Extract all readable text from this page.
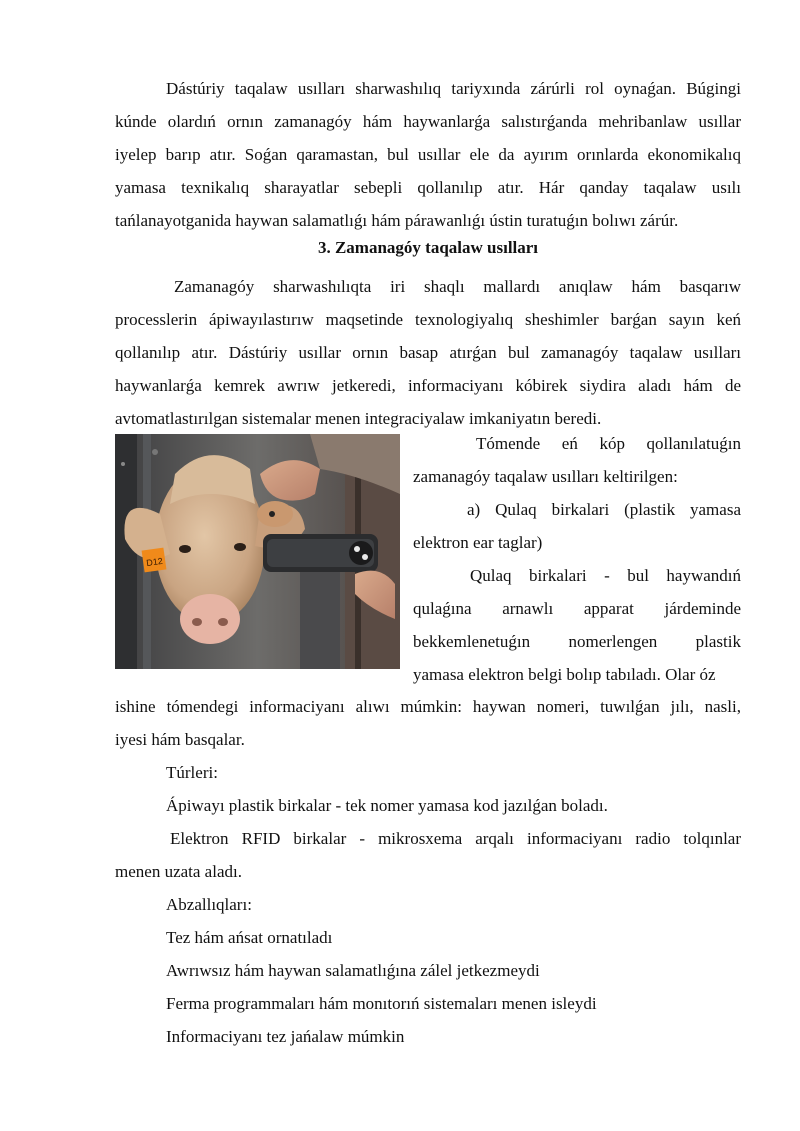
Dástúriy taqalaw usılları sharwashılıq tariyxında zárúrli rol oynaǵan. Búgingi
kúnde olardıń ornın zamanagóy hám haywanlarǵa salıstırǵanda mehribanlaw usıllar
iyelep barıp atır. Soǵan qaramastan, bul usıllar ele da ayırım orınlarda ekonomikalıq
yamasa texnikalıq sharayatlar sebepli qollanılıp atır. Hár qanday taqalaw usılı
tańlanayotganida haywan salamatlıǵı hám párawanlıǵı ústin turatuǵın bolıwı zárúr.
3. Zamanagóy taqalaw usılları
Zamanagóy sharwashılıqta iri shaqlı mallardı anıqlaw hám basqarıw
processlerin ápiwayılastırıw maqsetinde texnologiyalıq sheshimler barǵan sayın keń
qollanılıp atır. Dástúriy usıllar ornın basap atırǵan bul zamanagóy taqalaw usılları
haywanlarǵa kemrek awrıw jetkeredi, informaciyanı kóbirek siydira aladı hám de
avtomatlastırılgan sistemalar menen integraciyalaw imkaniyatın beredi.
D12
Tómende eń kóp qollanılatuǵın
zamanagóy taqalaw usılları keltirilgen:
a) Qulaq birkalari (plastik yamasa
elektron ear taglar)
Qulaq birkalari - bul haywandıń
qulaǵına arnawlı apparat járdeminde
bekkemlenetuǵın nomerlengen plastik
yamasa elektron belgi bolıp tabıladı. Olar óz
ishine tómendegi informaciyanı alıwı múmkin: haywan nomeri, tuwılǵan jılı, nasli,
iyesi hám basqalar.
Túrleri:
Ápiwayı plastik birkalar - tek nomer yamasa kod jazılǵan boladı.
Elektron RFID birkalar - mikrosxema arqalı informaciyanı radio tolqınlar
menen uzata aladı.
Abzallıqları:
Tez hám ańsat ornatıladı
Awrıwsız hám haywan salamatlıǵına zálel jetkezmeydi
Ferma programmaları hám monıtorıń sistemaları menen isleydi
Informaciyanı tez jańalaw múmkin
